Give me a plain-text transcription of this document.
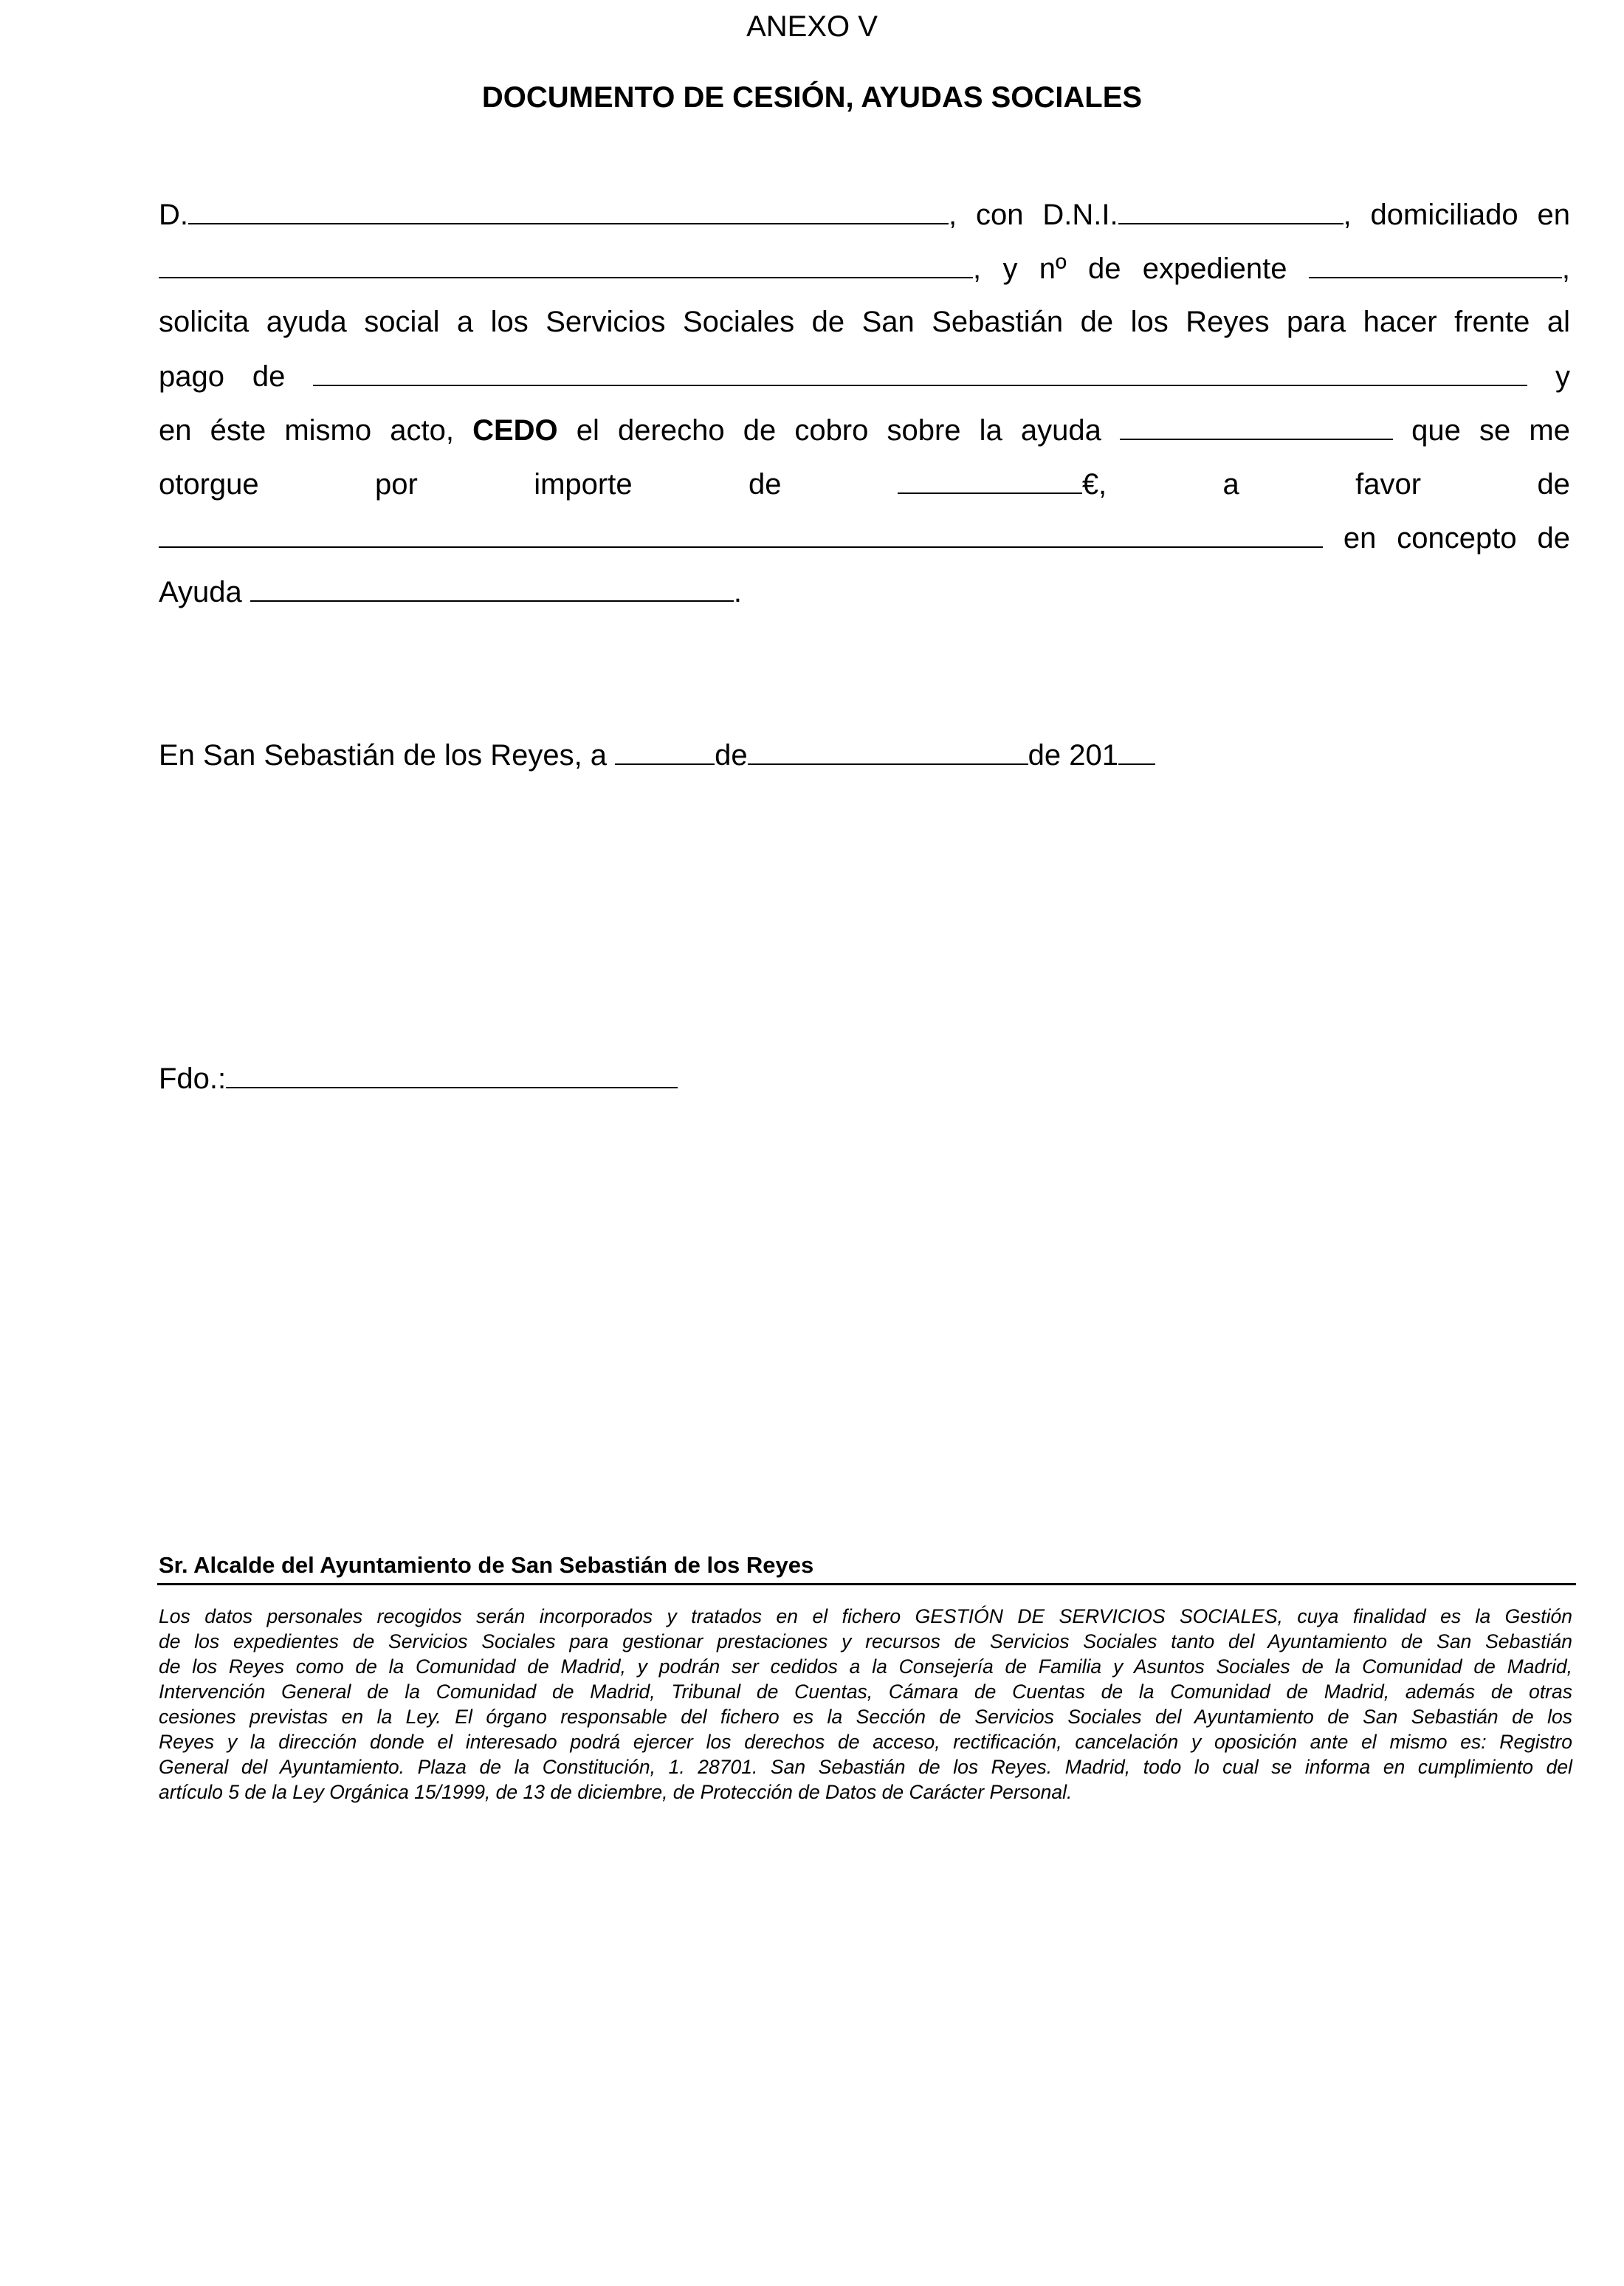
ANEXO V
DOCUMENTO DE CESIÓN, AYUDAS SOCIALES
D.	, con D.N.I.	, domiciliado en
, y nº de expediente	,
solicita ayuda social a los Servicios Sociales de San Sebastián de los Reyes para hacer frente al
pago de	y
en éste mismo acto, CEDO el derecho de cobro sobre la ayuda	que se me
otorgue	por	importe	de	€,	a	favor	de
en concepto de
Ayuda	.
En San Sebastián de los Reyes, a	de	de 201
Fdo.:
Sr. Alcalde del Ayuntamiento de San Sebastián de los Reyes
Los datos personales recogidos serán incorporados y tratados en el fichero GESTIÓN DE SERVICIOS SOCIALES, cuya finalidad es la Gestión
de los expedientes de Servicios Sociales para gestionar prestaciones y recursos de Servicios Sociales tanto del Ayuntamiento de San Sebastián
de los Reyes como de la Comunidad de Madrid, y podrán ser cedidos a la Consejería de Familia y Asuntos Sociales de la Comunidad de Madrid,
Intervención General de la Comunidad de Madrid, Tribunal de Cuentas, Cámara de Cuentas de la Comunidad de Madrid, además de otras
cesiones previstas en la Ley. El órgano responsable del fichero es la Sección de Servicios Sociales del Ayuntamiento de San Sebastián de los
Reyes y la dirección donde el interesado podrá ejercer los derechos de acceso, rectificación, cancelación y oposición ante el mismo es: Registro
General del Ayuntamiento. Plaza de la Constitución, 1. 28701. San Sebastián de los Reyes. Madrid, todo lo cual se informa en cumplimiento del
artículo 5 de la Ley Orgánica 15/1999, de 13 de diciembre, de Protección de Datos de Carácter Personal.
